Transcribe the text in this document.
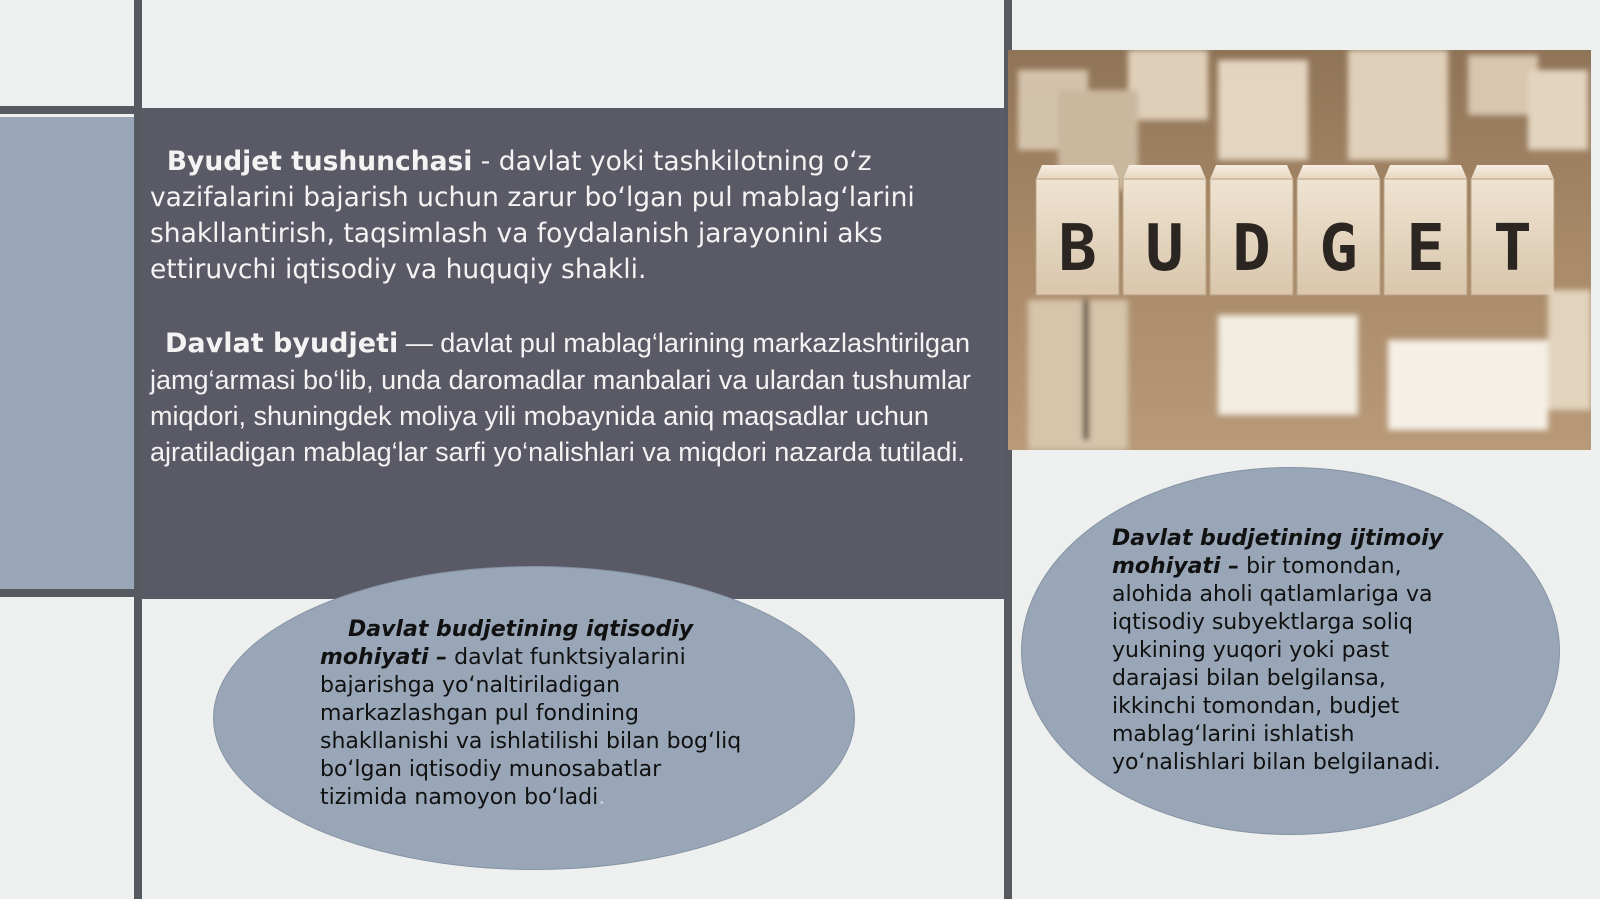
Byudjet tushunchasi - davlat yoki tashkilotning o‘z vazifalarini bajarish uchun zarur bo‘lgan pul mablag‘larini shakllantirish, taqsimlash va foydalanish jarayonini aks ettiruvchi iqtisodiy va huquqiy shakli.
Davlat byudjeti — davlat pul mablag‘larining markazlashtirilgan jamg‘armasi bo‘lib, unda daromadlar manbalari va ulardan tushumlar miqdori, shuningdek moliya yili mobaynida aniq maqsadlar uchun ajratiladigan mablag‘lar sarfi yo‘nalishlari va miqdori nazarda tutiladi.
B U D G E T
Davlat budjetining iqtisodiy mohiyati – davlat funktsiyalarini bajarishga yo‘naltiriladigan markazlashgan pul fondining shakllanishi va ishlatilishi bilan bog‘liq bo‘lgan iqtisodiy munosabatlar tizimida namoyon bo‘ladi.
Davlat budjetining ijtimoiy mohiyati – bir tomondan, alohida aholi qatlamlariga va iqtisodiy subyektlarga soliq yukining yuqori yoki past darajasi bilan belgilansa, ikkinchi tomondan, budjet mablag‘larini ishlatish yo‘nalishlari bilan belgilanadi.
